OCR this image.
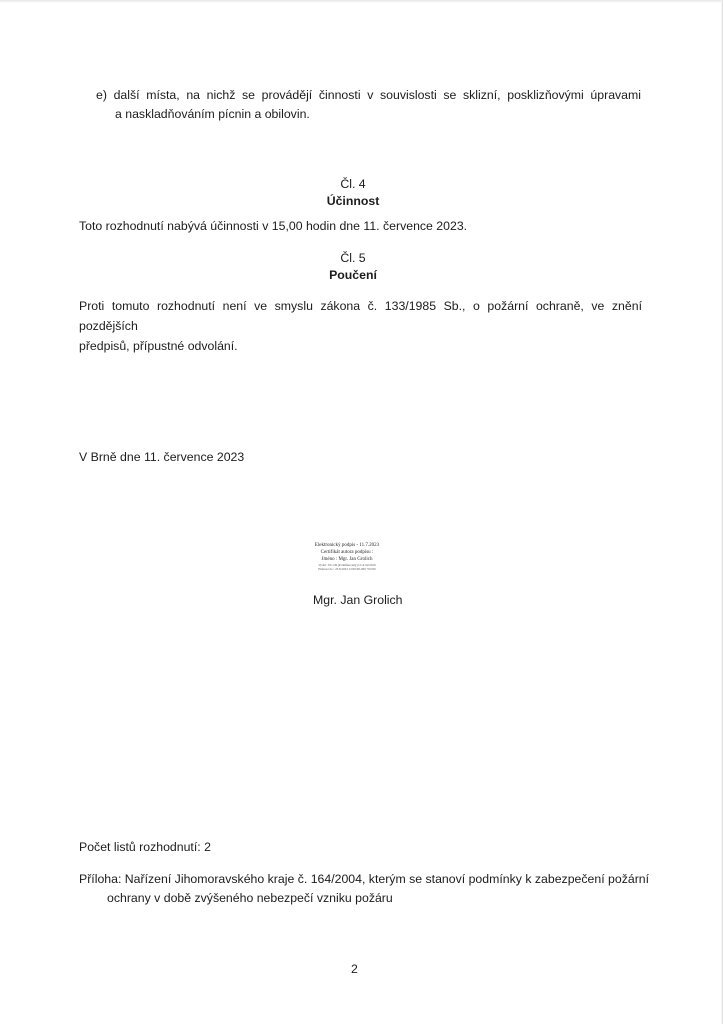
e) další místa, na nichž se provádějí činnosti v souvislosti se sklizní, posklizňovými úpravami
a naskladňováním pícnin a obilovin.
Čl. 4
Účinnost
Toto rozhodnutí nabývá účinnosti v 15,00 hodin dne 11. července 2023.
Čl. 5
Poučení
Proti tomuto rozhodnutí není ve smyslu zákona č. 133/1985 Sb., o požární ochraně, ve znění pozdějších
předpisů, přípustné odvolání.
V Brně dne 11. července 2023
Elektronický podpis - 11.7.2023
Certifikát autora podpisu :
Jméno : Mgr. Jan Grolich
Vydal : EU-ID (kvalifikovaný) I.CA 02/2016
Platnost do : 23.8.2023 12:00:00-000 +02:00
Mgr. Jan Grolich
Počet listů rozhodnutí: 2
Příloha: Nařízení Jihomoravského kraje č. 164/2004, kterým se stanoví podmínky k zabezpečení požární
ochrany v době zvýšeného nebezpečí vzniku požáru
2
